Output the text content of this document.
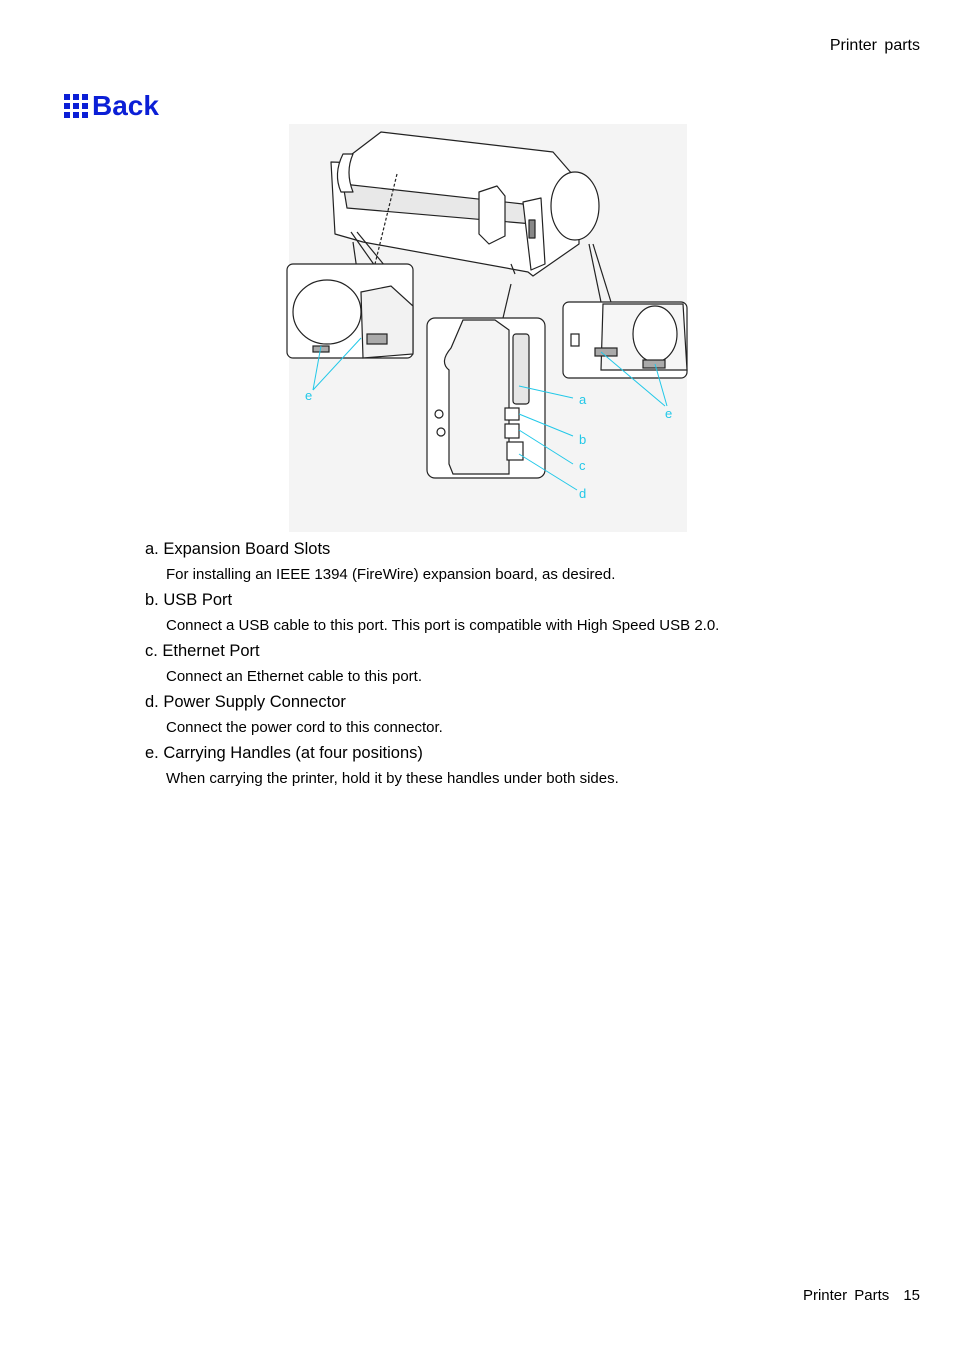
Printer parts
Back
e	a
b
c
d
e
a. Expansion Board Slots
For installing an IEEE 1394 (FireWire) expansion board, as desired.
b. USB Port
Connect a USB cable to this port. This port is compatible with High Speed USB 2.0.
c. Ethernet Port
Connect an Ethernet cable to this port.
d. Power Supply Connector
Connect the power cord to this connector.
e. Carrying Handles (at four positions)
When carrying the printer, hold it by these handles under both sides.
Printer Parts 15
